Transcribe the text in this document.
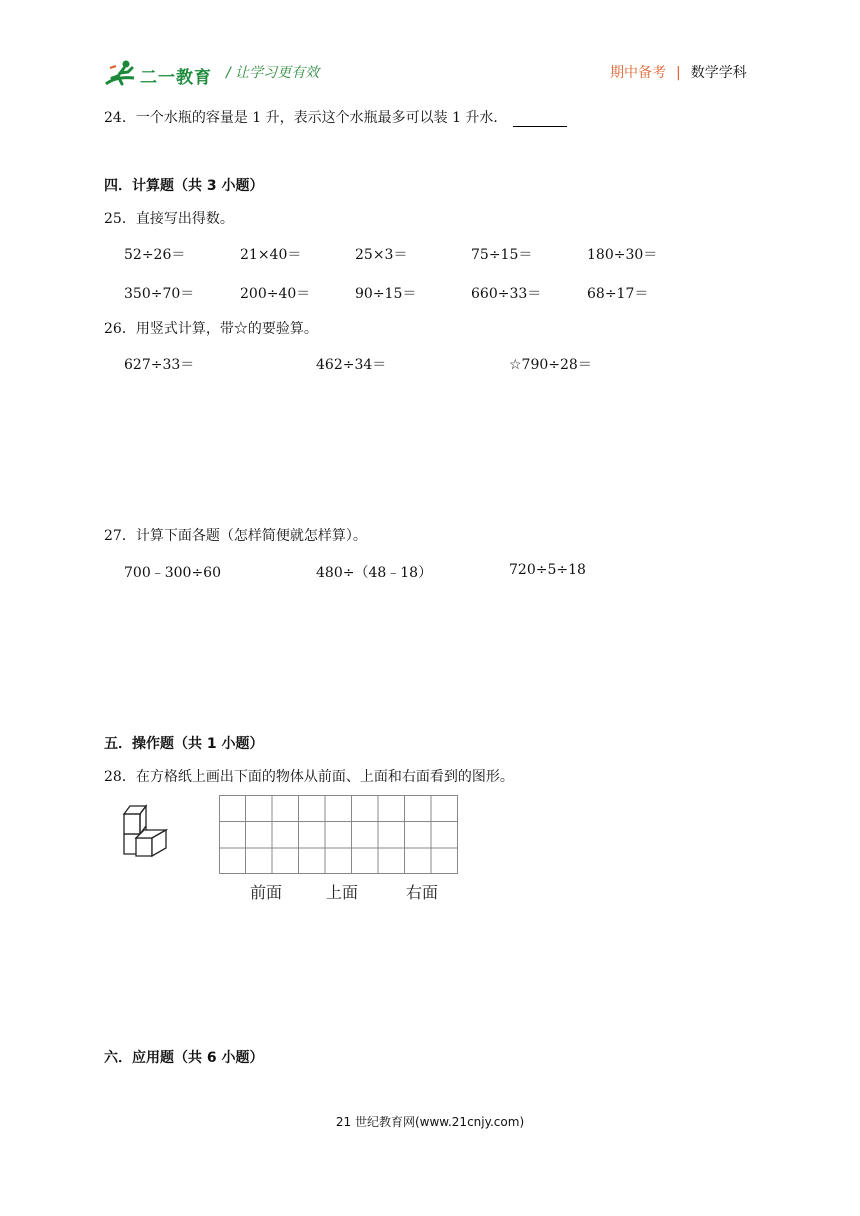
二一教育 / 让学习更有效	期中备考 | 数学学科
24．一个水瓶的容量是 1 升，表示这个水瓶最多可以装 1 升水．
四．计算题（共 3 小题）
25．直接写出得数。
52÷26＝	21×40＝	25×3＝	75÷15＝	180÷30＝
350÷70＝	200÷40＝	90÷15＝	660÷33＝	68÷17＝
26．用竖式计算，带☆的要验算。
627÷33＝	462÷34＝	☆790÷28＝
27．计算下面各题（怎样简便就怎样算）。
700﹣300÷60	480÷（48﹣18）	720÷5÷18
五．操作题（共 1 小题）
28．在方格纸上画出下面的物体从前面、上面和右面看到的图形。
前面	上面	右面
六．应用题（共 6 小题）
21 世纪教育网(www.21cnjy.com)
